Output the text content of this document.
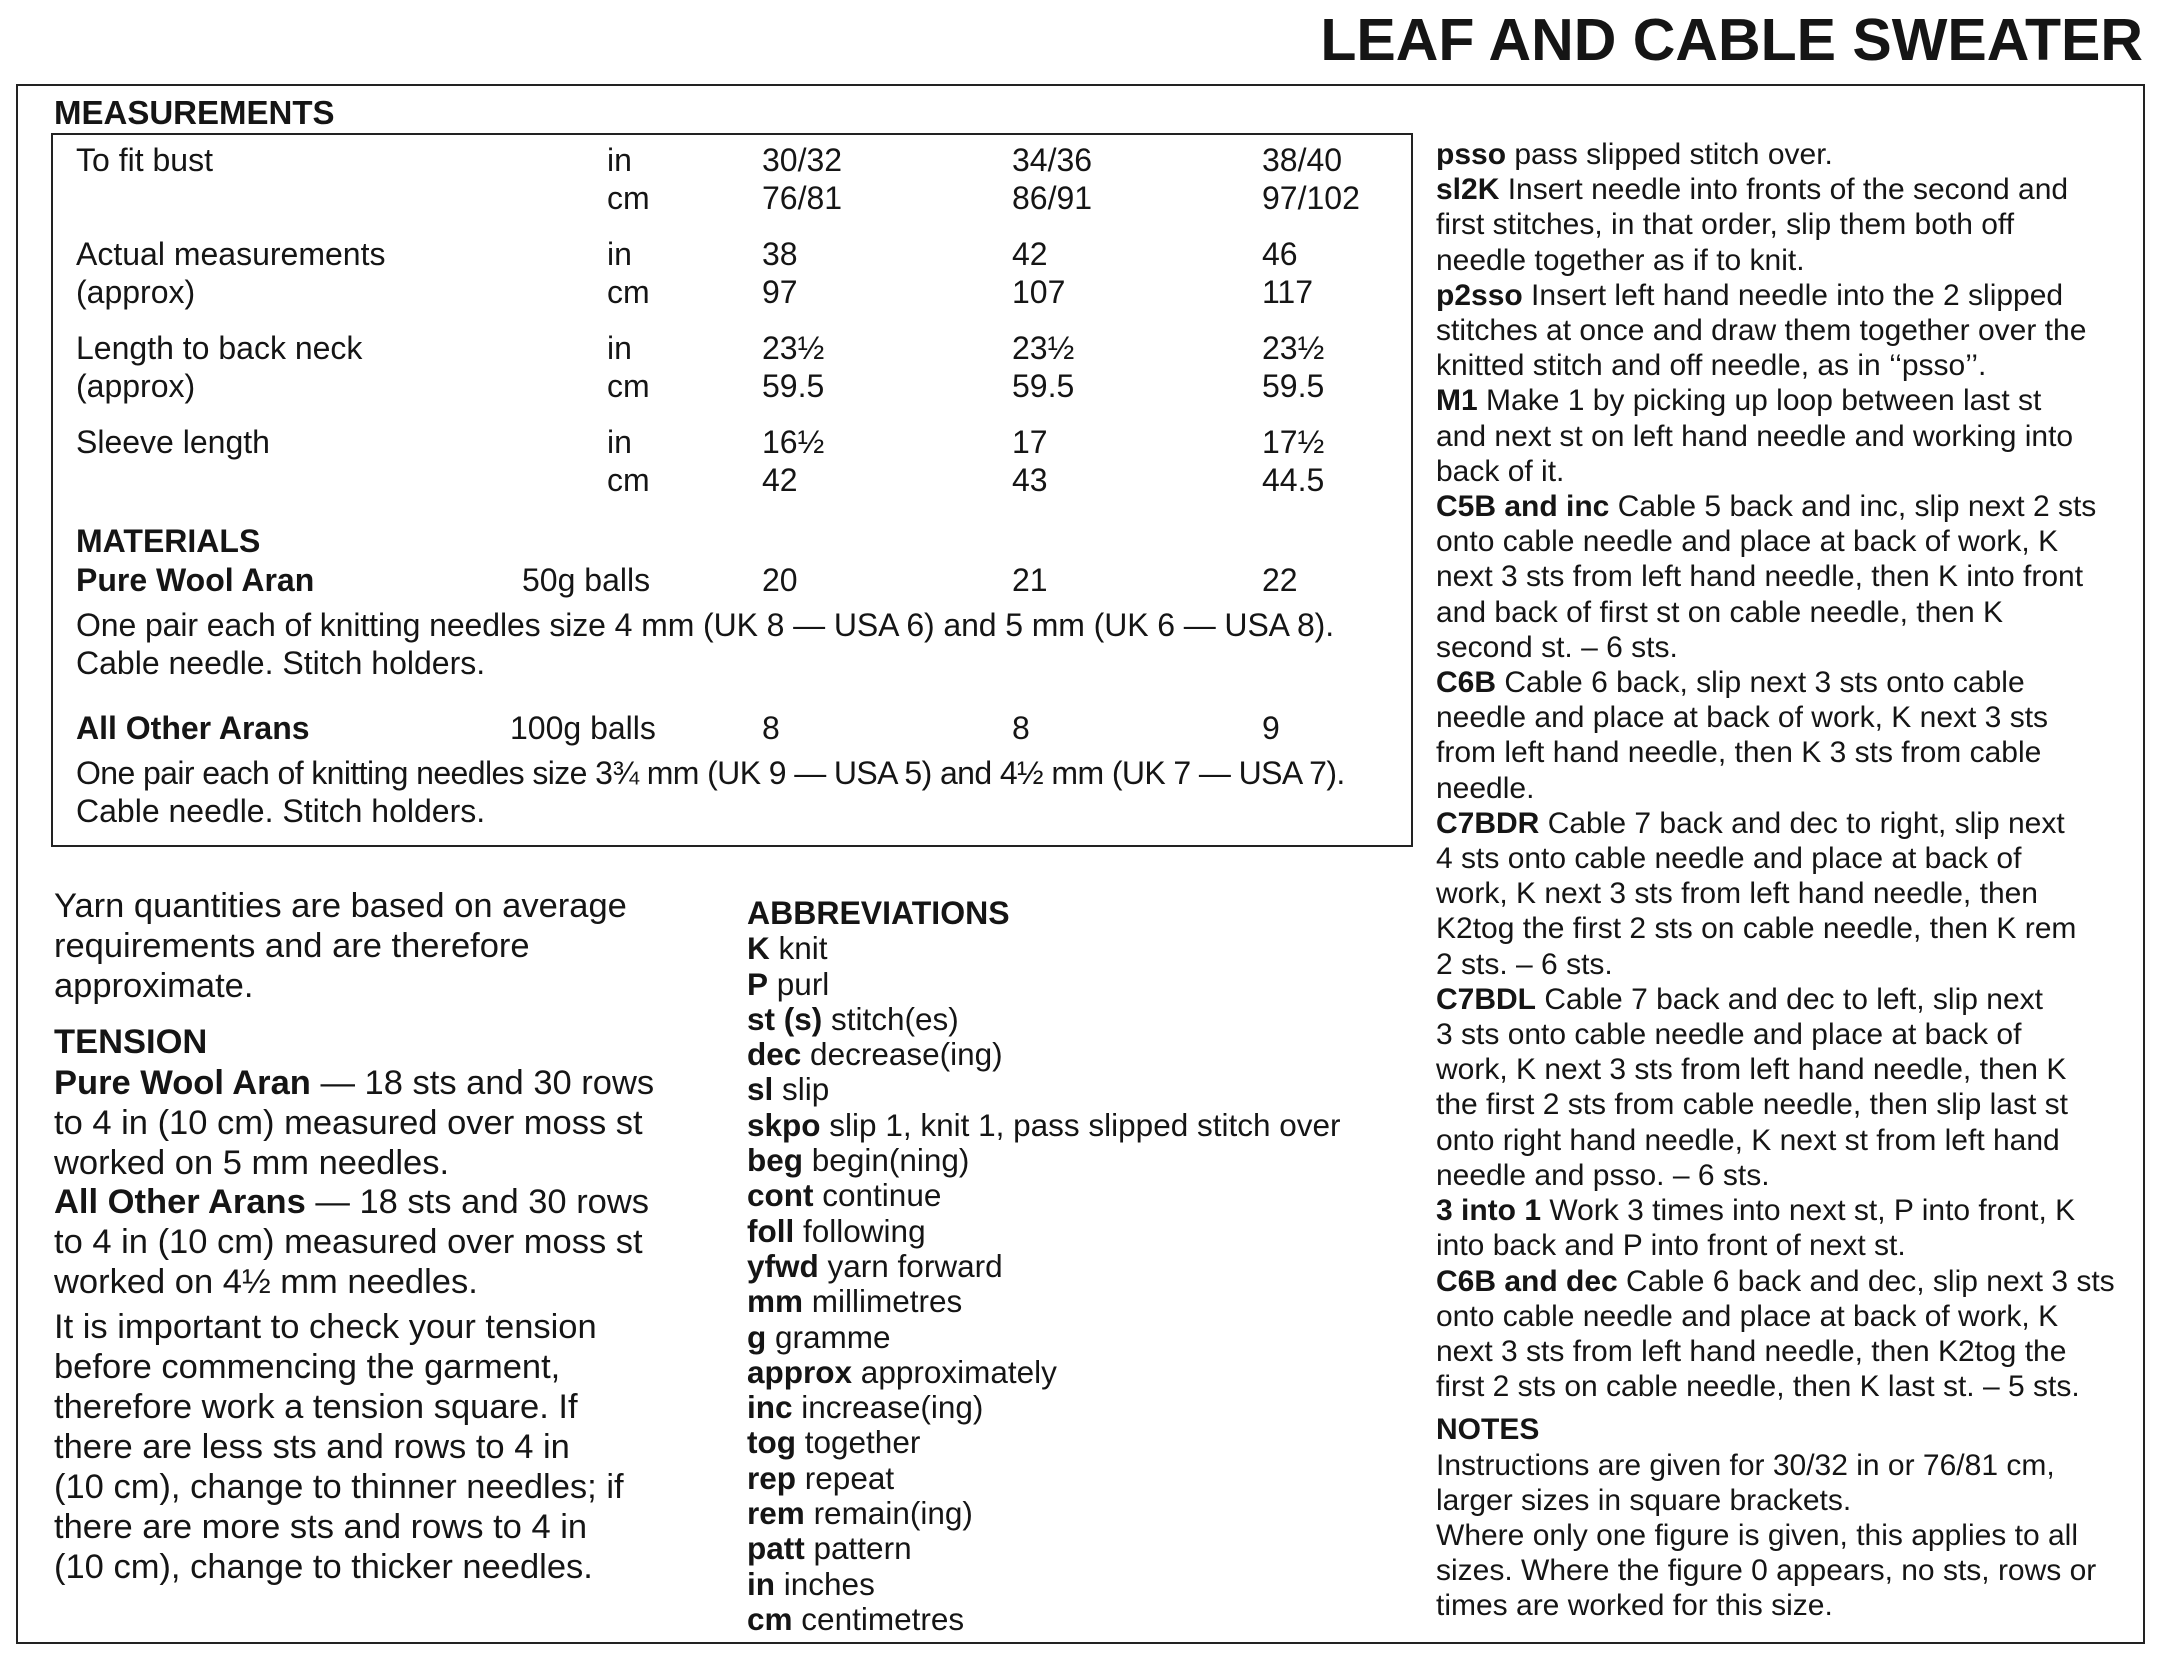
LEAF AND CABLE SWEATER
MEASUREMENTS
To fit bust	in	30/32	34/36	38/40
cm	76/81	86/91	97/102
Actual measurements	in	38	42	46
(approx)	cm	97	107	117
Length to back neck	in	23½	23½	23½
(approx)	cm	59.5	59.5	59.5
Sleeve length	in	16½	17	17½
cm	42	43	44.5
MATERIALS
Pure Wool Aran	50g balls	20	21	22
One pair each of knitting needles size 4 mm (UK 8 — USA 6) and 5 mm (UK 6 — USA 8).
Cable needle. Stitch holders.
All Other Arans	100g balls	8	8	9
One pair each of knitting needles size 3¾ mm (UK 9 — USA 5) and 4½ mm (UK 7 — USA 7).
Cable needle. Stitch holders.
Yarn quantities are based on average
requirements and are therefore
approximate.
TENSION
Pure Wool Aran — 18 sts and 30 rows
to 4 in (10 cm) measured over moss st
worked on 5 mm needles.
All Other Arans — 18 sts and 30 rows
to 4 in (10 cm) measured over moss st
worked on 4½ mm needles.
It is important to check your tension
before commencing the garment,
therefore work a tension square. If
there are less sts and rows to 4 in
(10 cm), change to thinner needles; if
there are more sts and rows to 4 in
(10 cm), change to thicker needles.
ABBREVIATIONS
K knit
P purl
st (s) stitch(es)
dec decrease(ing)
sl slip
skpo slip 1, knit 1, pass slipped stitch over
beg begin(ning)
cont continue
foll following
yfwd yarn forward
mm millimetres
g gramme
approx approximately
inc increase(ing)
tog together
rep repeat
rem remain(ing)
patt pattern
in inches
cm centimetres
psso pass slipped stitch over.
sl2K Insert needle into fronts of the second and
first stitches, in that order, slip them both off
needle together as if to knit.
p2sso Insert left hand needle into the 2 slipped
stitches at once and draw them together over the
knitted stitch and off needle, as in ‘‘psso’’.
M1 Make 1 by picking up loop between last st
and next st on left hand needle and working into
back of it.
C5B and inc Cable 5 back and inc, slip next 2 sts
onto cable needle and place at back of work, K
next 3 sts from left hand needle, then K into front
and back of first st on cable needle, then K
second st. – 6 sts.
C6B Cable 6 back, slip next 3 sts onto cable
needle and place at back of work, K next 3 sts
from left hand needle, then K 3 sts from cable
needle.
C7BDR Cable 7 back and dec to right, slip next
4 sts onto cable needle and place at back of
work, K next 3 sts from left hand needle, then
K2tog the first 2 sts on cable needle, then K rem
2 sts. – 6 sts.
C7BDL Cable 7 back and dec to left, slip next
3 sts onto cable needle and place at back of
work, K next 3 sts from left hand needle, then K
the first 2 sts from cable needle, then slip last st
onto right hand needle, K next st from left hand
needle and psso. – 6 sts.
3 into 1 Work 3 times into next st, P into front, K
into back and P into front of next st.
C6B and dec Cable 6 back and dec, slip next 3 sts
onto cable needle and place at back of work, K
next 3 sts from left hand needle, then K2tog the
first 2 sts on cable needle, then K last st. – 5 sts.
NOTES
Instructions are given for 30/32 in or 76/81 cm,
larger sizes in square brackets.
Where only one figure is given, this applies to all
sizes. Where the figure 0 appears, no sts, rows or
times are worked for this size.
